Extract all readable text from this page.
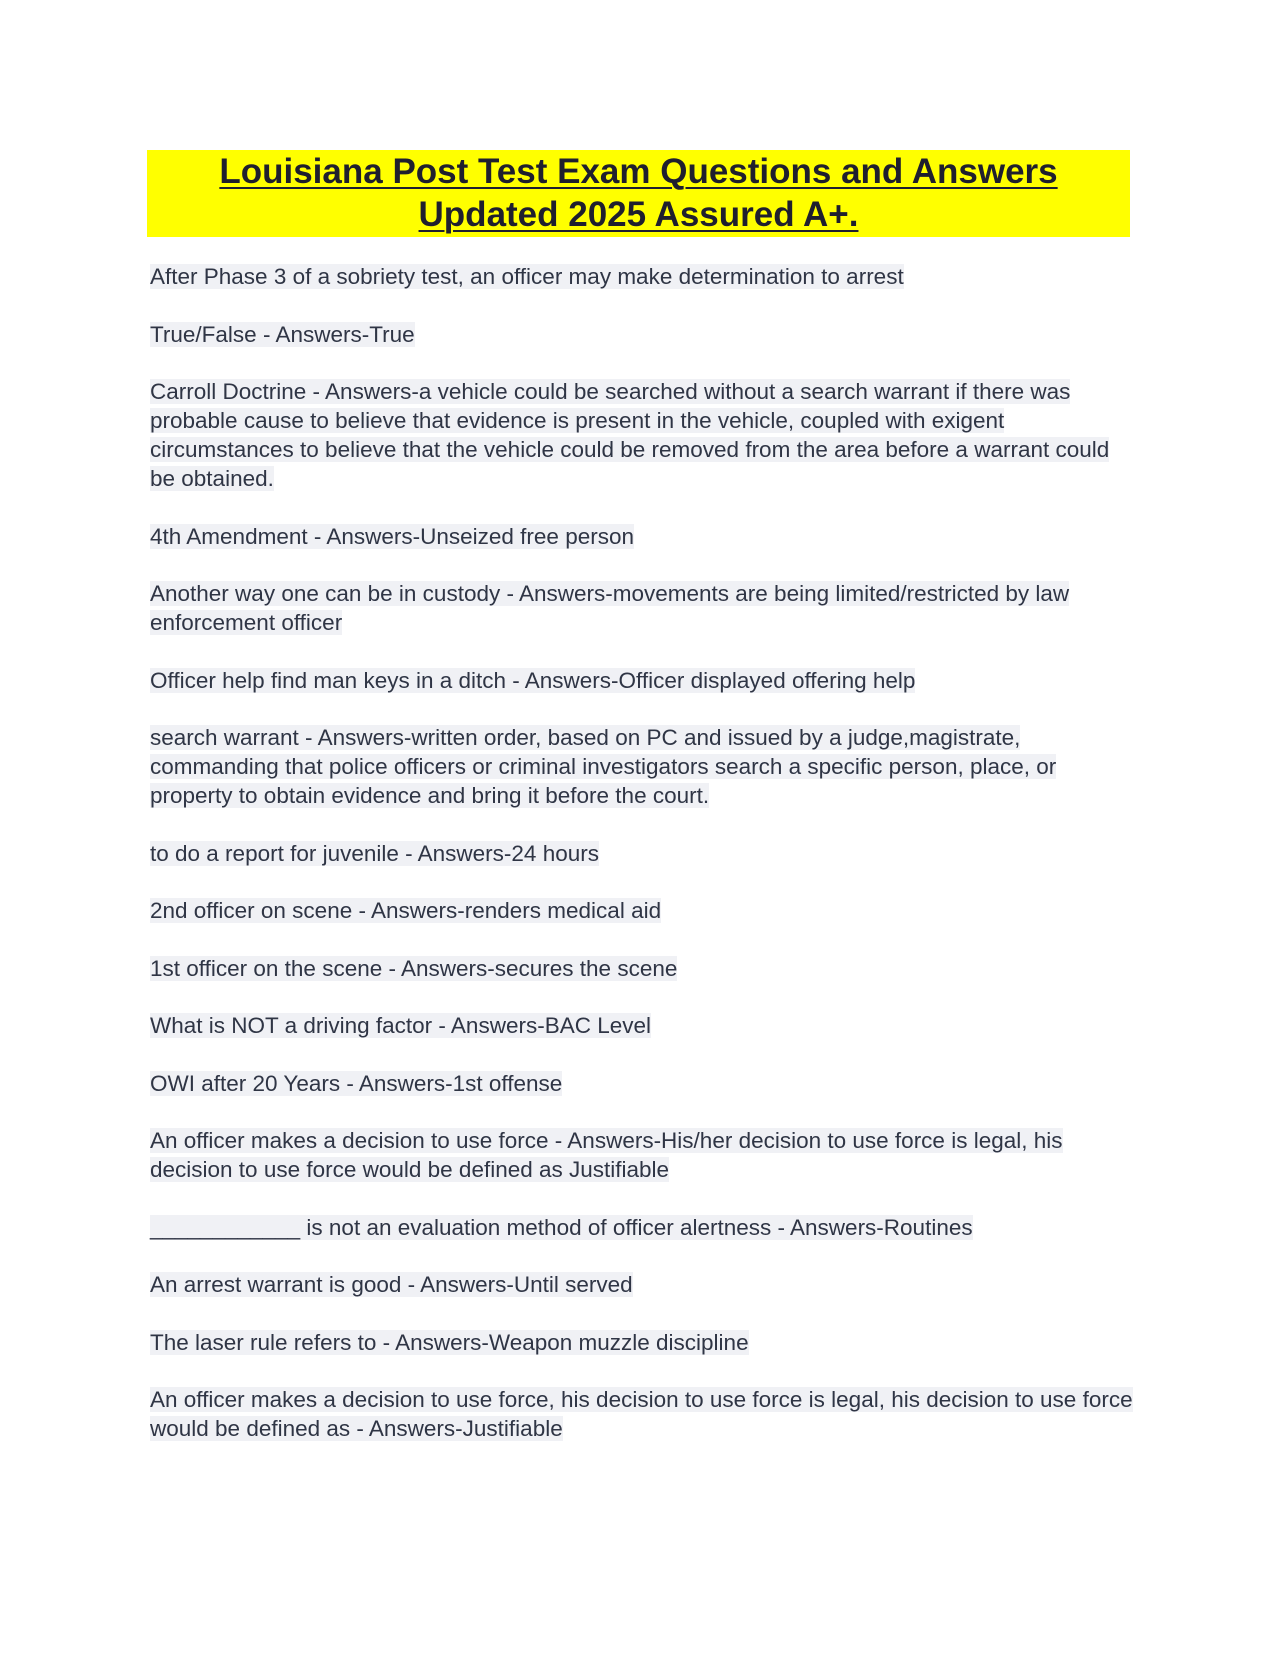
Louisiana Post Test Exam Questions and Answers
Updated 2025 Assured A+.

After Phase 3 of a sobriety test, an officer may make determination to arrest

True/False - Answers-True

Carroll Doctrine - Answers-a vehicle could be searched without a search warrant if there was probable cause to believe that evidence is present in the vehicle, coupled with exigent circumstances to believe that the vehicle could be removed from the area before a warrant could be obtained.

4th Amendment - Answers-Unseized free person

Another way one can be in custody - Answers-movements are being limited/restricted by law enforcement officer

Officer help find man keys in a ditch - Answers-Officer displayed offering help

search warrant - Answers-written order, based on PC and issued by a judge,magistrate, commanding that police officers or criminal investigators search a specific person, place, or property to obtain evidence and bring it before the court.

to do a report for juvenile - Answers-24 hours

2nd officer on scene - Answers-renders medical aid

1st officer on the scene - Answers-secures the scene

What is NOT a driving factor - Answers-BAC Level

OWI after 20 Years - Answers-1st offense

An officer makes a decision to use force - Answers-His/her decision to use force is legal, his decision to use force would be defined as Justifiable

____________ is not an evaluation method of officer alertness - Answers-Routines

An arrest warrant is good - Answers-Until served

The laser rule refers to - Answers-Weapon muzzle discipline

An officer makes a decision to use force, his decision to use force is legal, his decision to use force would be defined as - Answers-Justifiable
